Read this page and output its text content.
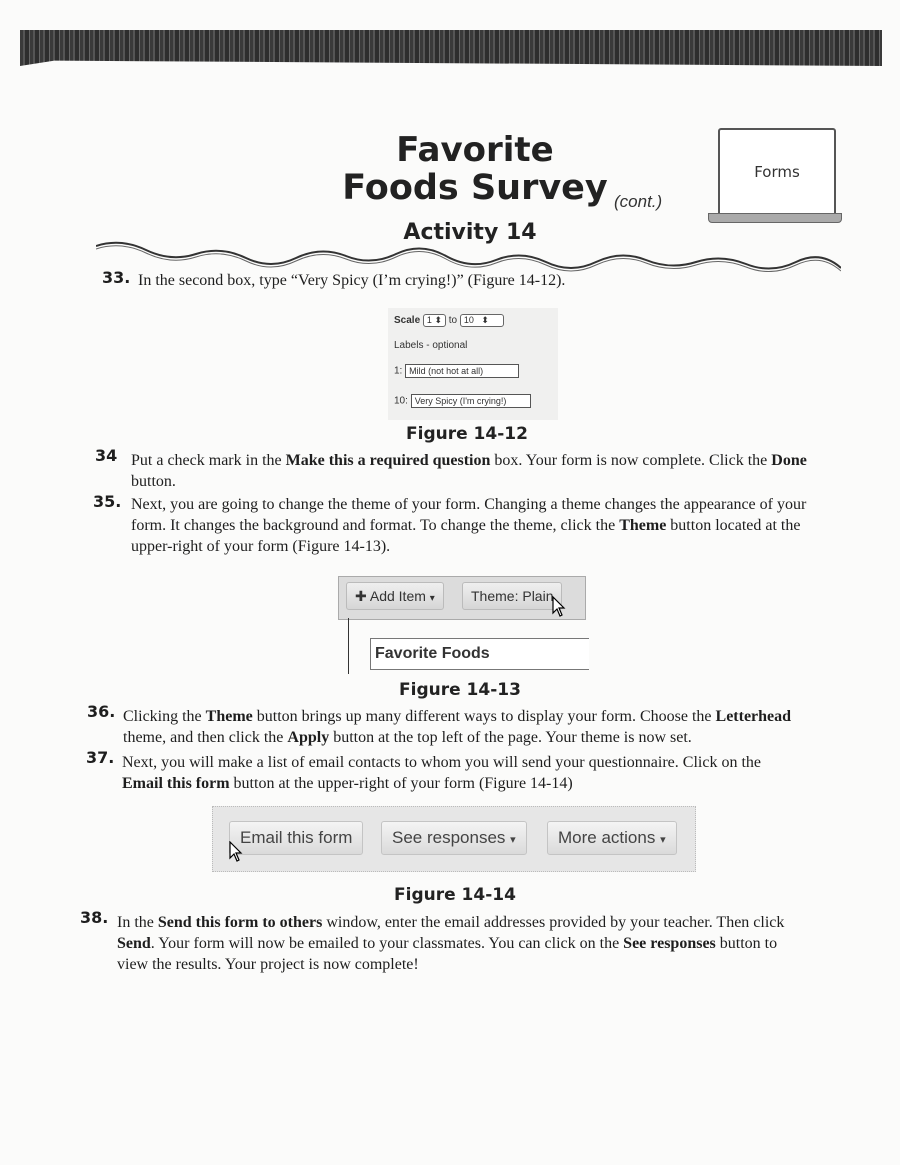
Favorite
Foods Survey (cont.)
Activity 14
Forms
33. In the second box, type “Very Spicy (I’m crying!)” (Figure 14-12).
Scale 1 ⬍ to 10   ⬍
Labels - optional
1: Mild (not hot at all)
10: Very Spicy (I'm crying!)
Figure 14-12
34 Put a check mark in the Make this a required question box. Your form is now complete. Click the Done
button.
35. Next, you are going to change the theme of your form. Changing a theme changes the appearance of your
form. It changes the background and format. To change the theme, click the Theme button located at the
upper-right of your form (Figure 14-13).
✚ Add Item ▾	Theme: Plain
Favorite Foods
Figure 14-13
36. Clicking the Theme button brings up many different ways to display your form. Choose the Letterhead
theme, and then click the Apply button at the top left of the page. Your theme is now set.
37. Next, you will make a list of email contacts to whom you will send your questionnaire. Click on the
Email this form button at the upper-right of your form (Figure 14-14)
Email this form	See responses ▾	More actions ▾
Figure 14-14
38. In the Send this form to others window, enter the email addresses provided by your teacher. Then click
Send. Your form will now be emailed to your classmates. You can click on the See responses button to
view the results. Your project is now complete!
